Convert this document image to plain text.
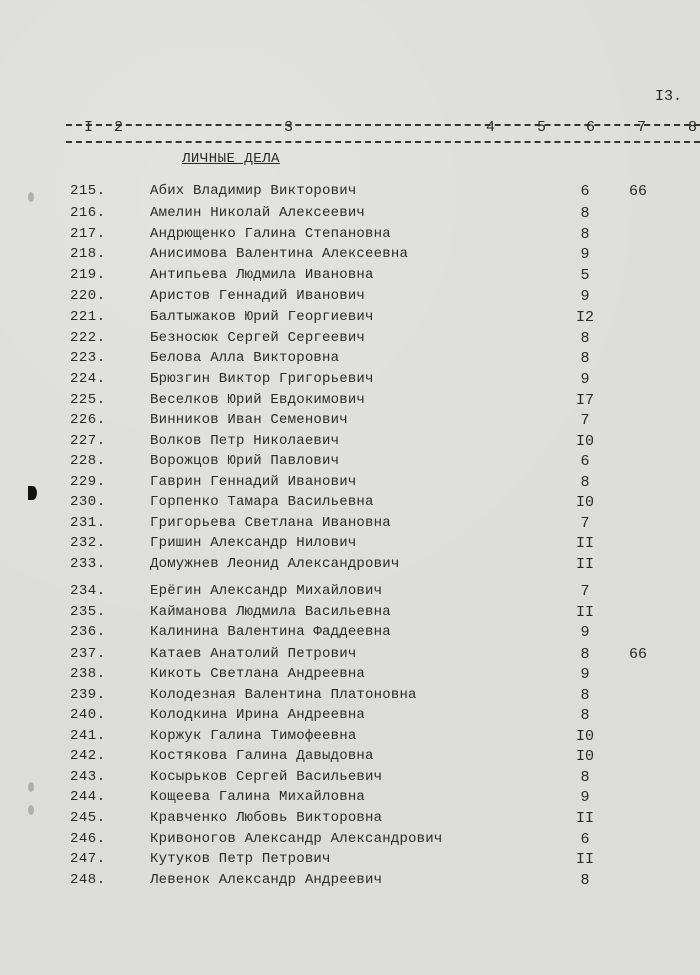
I3.
I 2	3	4	5	6	7	8
ЛИЧНЫЕ ДЕЛА
215.	Абих Владимир Викторович	6	66
216.	Амелин Николай Алексеевич	8
217.	Андрющенко Галина Степановна	8
218.	Анисимова Валентина Алексеевна	9
219.	Антипьева Людмила Ивановна	5
220.	Аристов Геннадий Иванович	9
221.	Балтыжаков Юрий Георгиевич	I2
222.	Безносюк Сергей Сергеевич	8
223.	Белова Алла Викторовна	8
224.	Брюзгин Виктор Григорьевич	9
225.	Веселков Юрий Евдокимович	I7
226.	Винников Иван Семенович	7
227.	Волков Петр Николаевич	I0
228.	Ворожцов Юрий Павлович	6
229.	Гаврин Геннадий Иванович	8
230.	Горпенко Тамара Васильевна	I0
231.	Григорьева Светлана Ивановна	7
232.	Гришин Александр Нилович	II
233.	Домужнев Леонид Александрович	II
234.	Ерёгин Александр Михайлович	7
235.	Кайманова Людмила Васильевна	II
236.	Калинина Валентина Фаддеевна	9
237.	Катаев Анатолий Петрович	8	66
238.	Кикоть Светлана Андреевна	9
239.	Колодезная Валентина Платоновна	8
240.	Колодкина Ирина Андреевна	8
241.	Коржук Галина Тимофеевна	I0
242.	Костякова Галина Давыдовна	I0
243.	Косырьков Сергей Васильевич	8
244.	Кощеева Галина Михайловна	9
245.	Кравченко Любовь Викторовна	II
246.	Кривоногов Александр Александрович	6
247.	Кутуков Петр Петрович	II
248.	Левенок Александр Андреевич	8
